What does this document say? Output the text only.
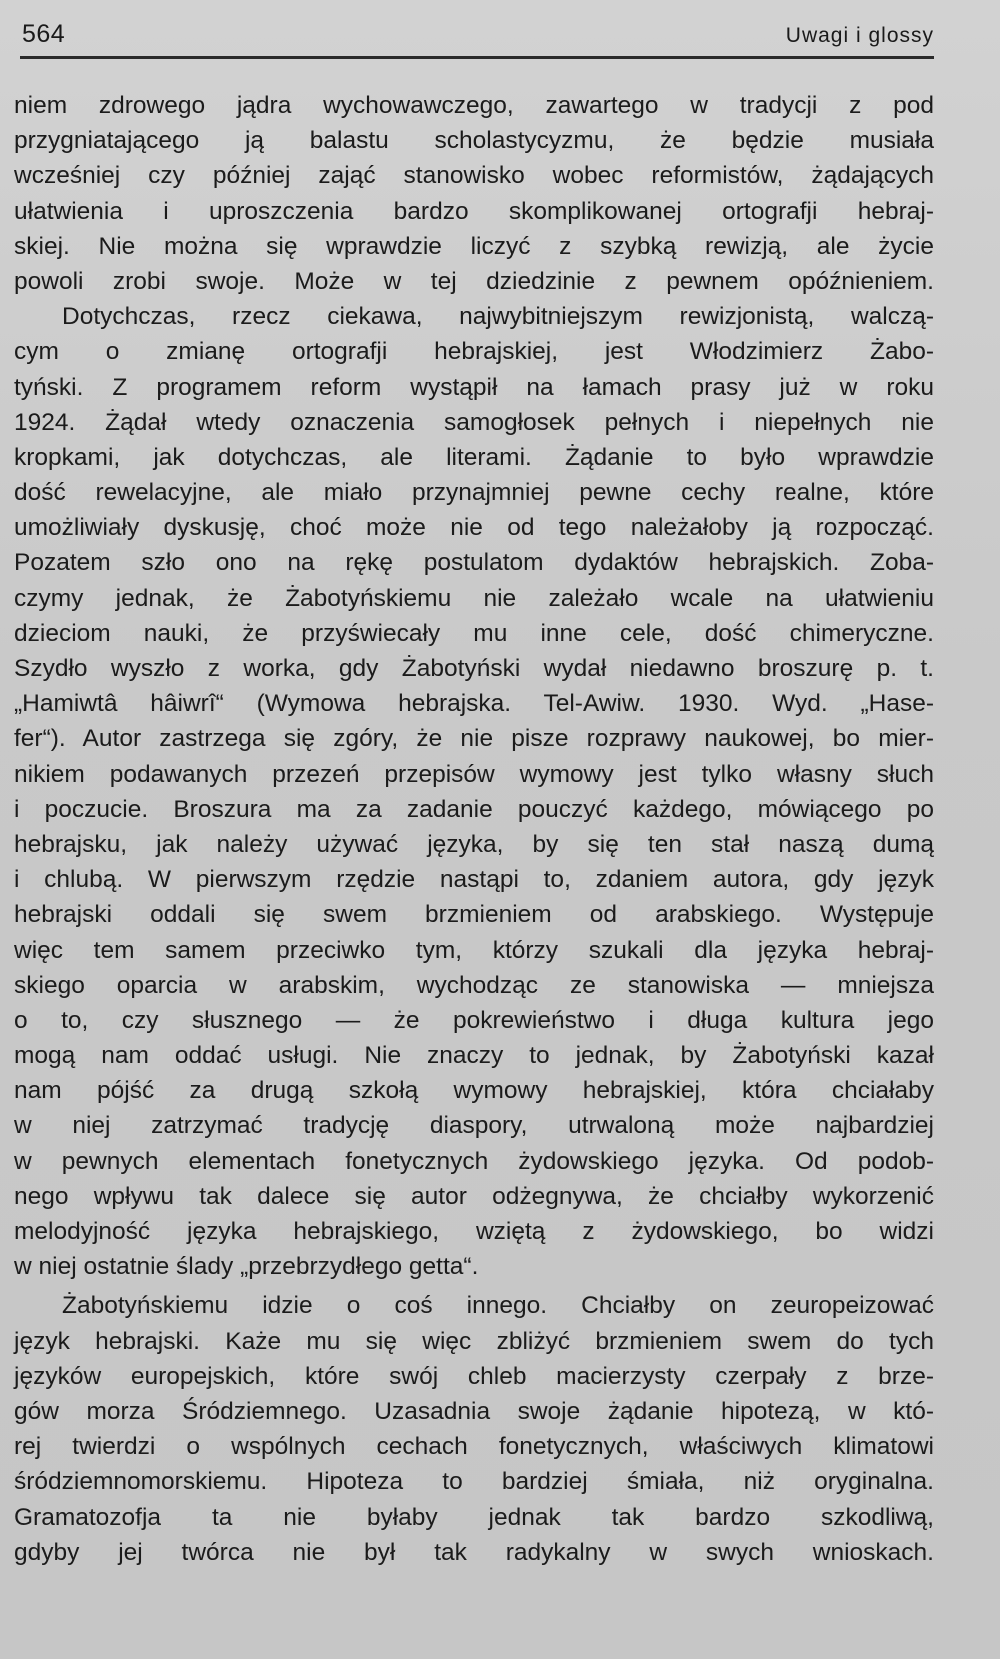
564	Uwagi i glossy
niem zdrowego jądra wychowawczego, zawartego w tradycji z pod
przygniatającego ją balastu scholastycyzmu, że będzie musiała
wcześniej czy później zająć stanowisko wobec reformistów, żądających
ułatwienia i uproszczenia bardzo skomplikowanej ortografji hebraj-
skiej. Nie można się wprawdzie liczyć z szybką rewizją, ale życie
powoli zrobi swoje. Może w tej dziedzinie z pewnem opóźnieniem.
Dotychczas, rzecz ciekawa, najwybitniejszym rewizjonistą, walczą-
cym o zmianę ortografji hebrajskiej, jest Włodzimierz Żabo-
tyński. Z programem reform wystąpił na łamach prasy już w roku
1924. Żądał wtedy oznaczenia samogłosek pełnych i niepełnych nie
kropkami, jak dotychczas, ale literami. Żądanie to było wprawdzie
dość rewelacyjne, ale miało przynajmniej pewne cechy realne, które
umożliwiały dyskusję, choć może nie od tego należałoby ją rozpocząć.
Pozatem szło ono na rękę postulatom dydaktów hebrajskich. Zoba-
czymy jednak, że Żabotyńskiemu nie zależało wcale na ułatwieniu
dzieciom nauki, że przyświecały mu inne cele, dość chimeryczne.
Szydło wyszło z worka, gdy Żabotyński wydał niedawno broszurę p. t.
„Hamiwtâ hâiwrî“ (Wymowa hebrajska. Tel-Awiw. 1930. Wyd. „Hase-
fer“). Autor zastrzega się zgóry, że nie pisze rozprawy naukowej, bo mier-
nikiem podawanych przezeń przepisów wymowy jest tylko własny słuch
i poczucie. Broszura ma za zadanie pouczyć każdego, mówiącego po
hebrajsku, jak należy używać języka, by się ten stał naszą dumą
i chlubą. W pierwszym rzędzie nastąpi to, zdaniem autora, gdy język
hebrajski oddali się swem brzmieniem od arabskiego. Występuje
więc tem samem przeciwko tym, którzy szukali dla języka hebraj-
skiego oparcia w arabskim, wychodząc ze stanowiska — mniejsza
o to, czy słusznego — że pokrewieństwo i długa kultura jego
mogą nam oddać usługi. Nie znaczy to jednak, by Żabotyński kazał
nam pójść za drugą szkołą wymowy hebrajskiej, która chciałaby
w niej zatrzymać tradycję diaspory, utrwaloną może najbardziej
w pewnych elementach fonetycznych żydowskiego języka. Od podob-
nego wpływu tak dalece się autor odżegnywa, że chciałby wykorzenić
melodyjność języka hebrajskiego, wziętą z żydowskiego, bo widzi
w niej ostatnie ślady „przebrzydłego getta“.
Żabotyńskiemu idzie o coś innego. Chciałby on zeuropeizować
język hebrajski. Każe mu się więc zbliżyć brzmieniem swem do tych
języków europejskich, które swój chleb macierzysty czerpały z brze-
gów morza Śródziemnego. Uzasadnia swoje żądanie hipotezą, w któ-
rej twierdzi o wspólnych cechach fonetycznych, właściwych klimatowi
śródziemnomorskiemu. Hipoteza to bardziej śmiała, niż oryginalna.
Gramatozofja ta nie byłaby jednak tak bardzo szkodliwą,
gdyby jej twórca nie był tak radykalny w swych wnioskach.
